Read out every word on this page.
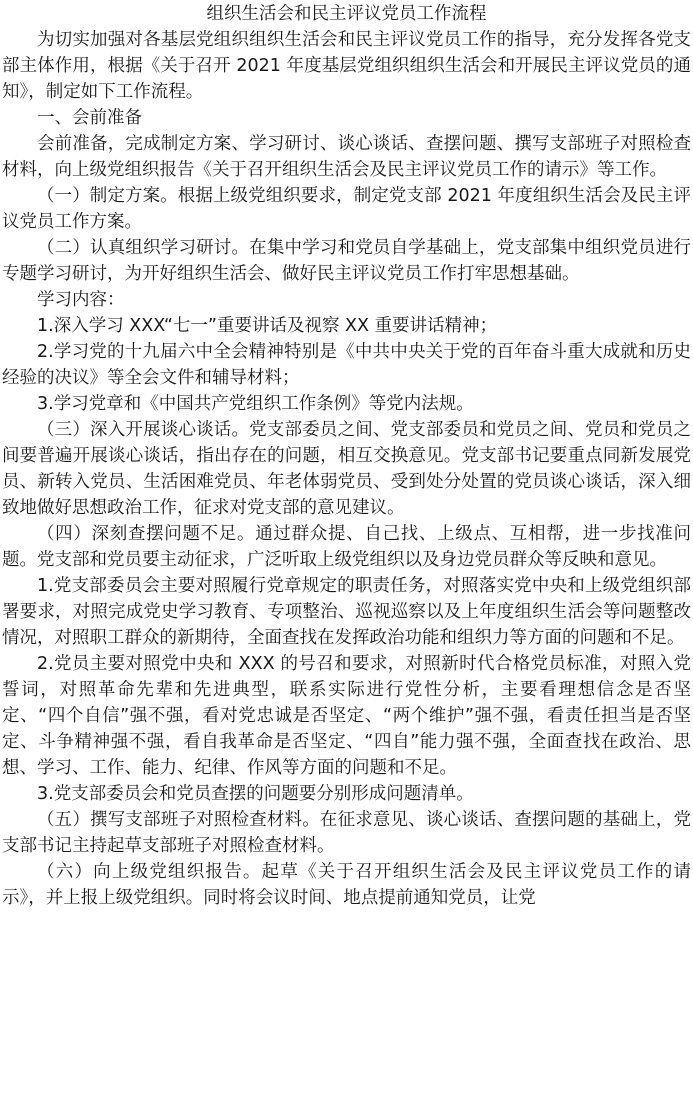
组织生活会和民主评议党员工作流程

为切实加强对各基层党组织组织生活会和民主评议党员工作的指导，充分发挥各党支部主体作用，根据《关于召开 2021 年度基层党组织组织生活会和开展民主评议党员的通知》，制定如下工作流程。

一、会前准备

会前准备，完成制定方案、学习研讨、谈心谈话、查摆问题、撰写支部班子对照检查材料，向上级党组织报告《关于召开组织生活会及民主评议党员工作的请示》等工作。

（一）制定方案。根据上级党组织要求，制定党支部 2021 年度组织生活会及民主评议党员工作方案。

（二）认真组织学习研讨。在集中学习和党员自学基础上，党支部集中组织党员进行专题学习研讨，为开好组织生活会、做好民主评议党员工作打牢思想基础。

学习内容：

1.深入学习 XXX“七一”重要讲话及视察 XX 重要讲话精神；

2.学习党的十九届六中全会精神特别是《中共中央关于党的百年奋斗重大成就和历史经验的决议》等全会文件和辅导材料；

3.学习党章和《中国共产党组织工作条例》等党内法规。

（三）深入开展谈心谈话。党支部委员之间、党支部委员和党员之间、党员和党员之间要普遍开展谈心谈话，指出存在的问题，相互交换意见。党支部书记要重点同新发展党员、新转入党员、生活困难党员、年老体弱党员、受到处分处置的党员谈心谈话，深入细致地做好思想政治工作，征求对党支部的意见建议。

（四）深刻查摆问题不足。通过群众提、自己找、上级点、互相帮，进一步找准问题。党支部和党员要主动征求，广泛听取上级党组织以及身边党员群众等反映和意见。

1.党支部委员会主要对照履行党章规定的职责任务，对照落实党中央和上级党组织部署要求，对照完成党史学习教育、专项整治、巡视巡察以及上年度组织生活会等问题整改情况，对照职工群众的新期待，全面查找在发挥政治功能和组织力等方面的问题和不足。

2.党员主要对照党中央和 XXX 的号召和要求，对照新时代合格党员标准，对照入党誓词，对照革命先辈和先进典型，联系实际进行党性分析，主要看理想信念是否坚定、“四个自信”强不强，看对党忠诚是否坚定、“两个维护”强不强，看责任担当是否坚定、斗争精神强不强，看自我革命是否坚定、“四自”能力强不强，全面查找在政治、思想、学习、工作、能力、纪律、作风等方面的问题和不足。

3.党支部委员会和党员查摆的问题要分别形成问题清单。

（五）撰写支部班子对照检查材料。在征求意见、谈心谈话、查摆问题的基础上，党支部书记主持起草支部班子对照检查材料。

（六）向上级党组织报告。起草《关于召开组织生活会及民主评议党员工作的请示》，并上报上级党组织。同时将会议时间、地点提前通知党员，让党
